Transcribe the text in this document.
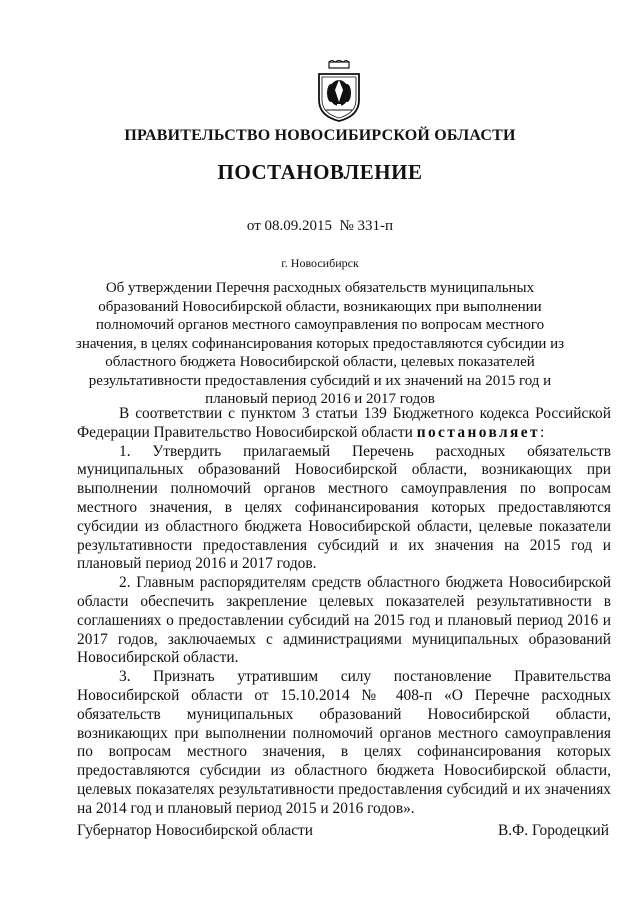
ПРАВИТЕЛЬСТВО НОВОСИБИРСКОЙ ОБЛАСТИ
ПОСТАНОВЛЕНИЕ
от 08.09.2015 № 331-п
г. Новосибирск
Об утверждении Перечня расходных обязательств муниципальных образований Новосибирской области, возникающих при выполнении полномочий органов местного самоуправления по вопросам местного значения, в целях софинансирования которых предоставляются субсидии из областного бюджета Новосибирской области, целевых показателей результативности предоставления субсидий и их значений на 2015 год и плановый период 2016 и 2017 годов

В соответствии с пунктом 3 статьи 139 Бюджетного кодекса Российской Федерации Правительство Новосибирской области постановляет:

1. Утвердить прилагаемый Перечень расходных обязательств муниципальных образований Новосибирской области, возникающих при выполнении полномочий органов местного самоуправления по вопросам местного значения, в целях софинансирования которых предоставляются субсидии из областного бюджета Новосибирской области, целевые показатели результативности предоставления субсидий и их значения на 2015 год и плановый период 2016 и 2017 годов.

2. Главным распорядителям средств областного бюджета Новосибирской области обеспечить закрепление целевых показателей результативности в соглашениях о предоставлении субсидий на 2015 год и плановый период 2016 и 2017 годов, заключаемых с администрациями муниципальных образований Новосибирской области.

3. Признать утратившим силу постановление Правительства Новосибирской области от 15.10.2014 № 408-п «О Перечне расходных обязательств муниципальных образований Новосибирской области, возникающих при выполнении полномочий органов местного самоуправления по вопросам местного значения, в целях софинансирования которых предоставляются субсидии из областного бюджета Новосибирской области, целевых показателях результативности предоставления субсидий и их значениях на 2014 год и плановый период 2015 и 2016 годов».

Губернатор Новосибирской области	В.Ф. Городецкий
